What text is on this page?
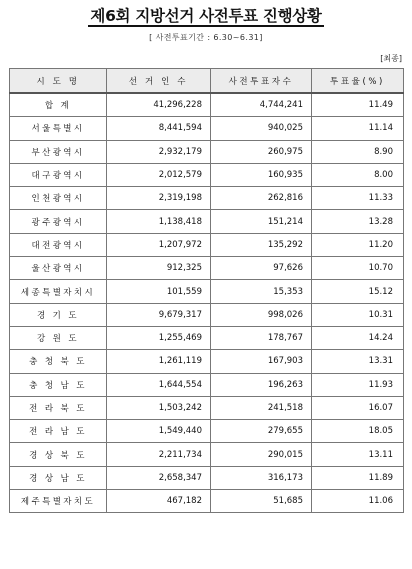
제6회 지방선거 사전투표 진행상황
[ 사전투표기간 : 6.30~6.31]
[최종]
시 도 명	선 거 인 수	사전투표자수	투표율(%)
합 계	41,296,228	4,744,241	11.49
서울특별시	8,441,594	940,025	11.14
부산광역시	2,932,179	260,975	8.90
대구광역시	2,012,579	160,935	8.00
인천광역시	2,319,198	262,816	11.33
광주광역시	1,138,418	151,214	13.28
대전광역시	1,207,972	135,292	11.20
울산광역시	912,325	97,626	10.70
세종특별자치시	101,559	15,353	15.12
경 기 도	9,679,317	998,026	10.31
강 원 도	1,255,469	178,767	14.24
충 청 북 도	1,261,119	167,903	13.31
충 청 남 도	1,644,554	196,263	11.93
전 라 북 도	1,503,242	241,518	16.07
전 라 남 도	1,549,440	279,655	18.05
경 상 북 도	2,211,734	290,015	13.11
경 상 남 도	2,658,347	316,173	11.89
제주특별자치도	467,182	51,685	11.06
